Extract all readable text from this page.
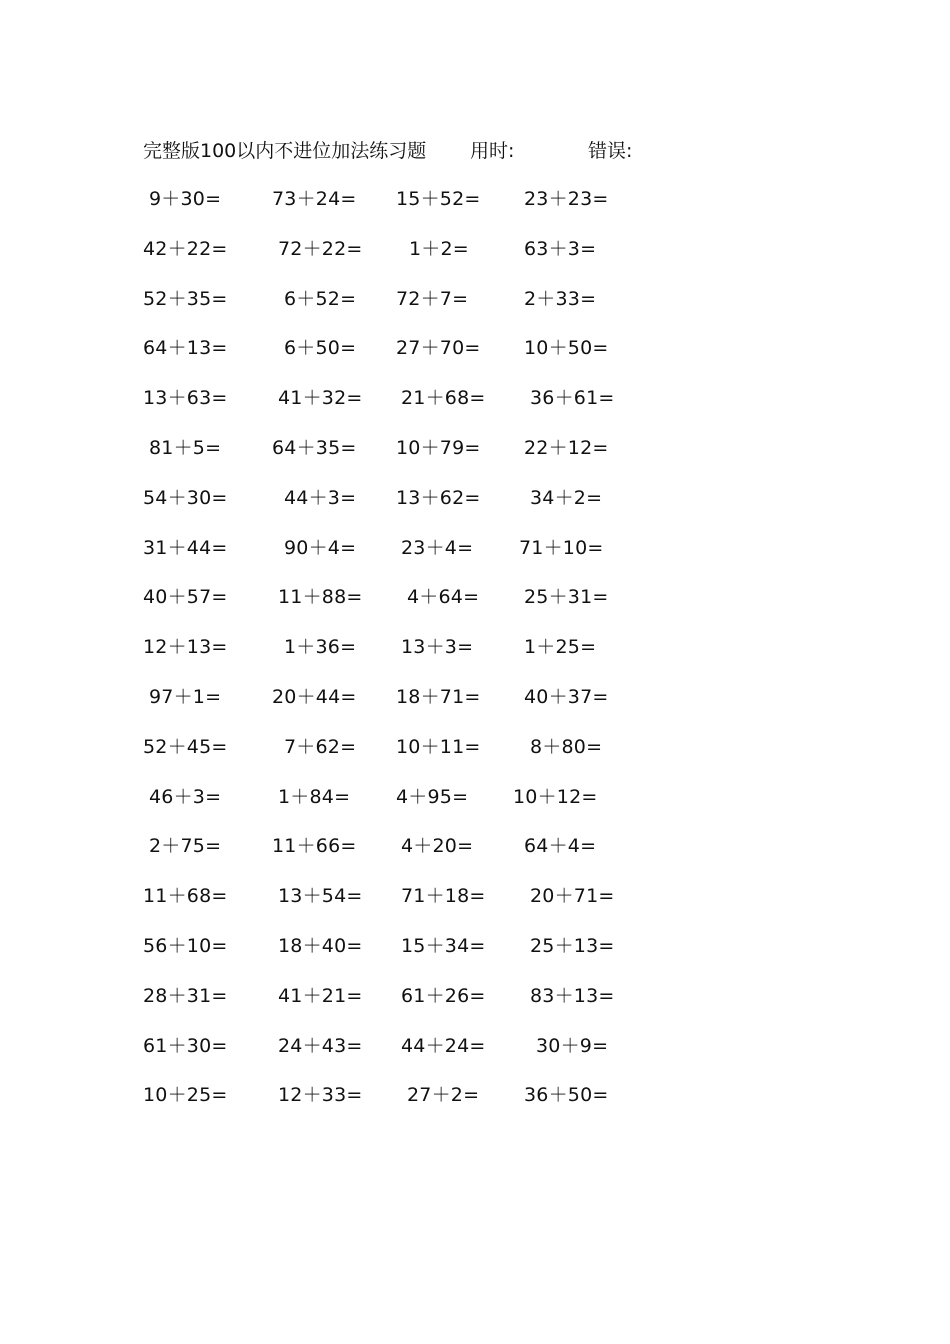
完整版100以内不进位加法练习题 用时:	错误:
9＋30=	73＋24= 15＋52= 23＋23=
42＋22=	72＋22= 1＋2=	63＋3=
52＋35=	6＋52= 72＋7=	2＋33=
64＋13=	6＋50= 27＋70= 10＋50=
13＋63=	41＋32= 21＋68= 36＋61=
81＋5=	64＋35= 10＋79= 22＋12=
54＋30=	44＋3= 13＋62=	34＋2=
31＋44=	90＋4= 23＋4= 71＋10=
40＋57=	11＋88= 4＋64= 25＋31=
12＋13=	1＋36= 13＋3=	1＋25=
97＋1=	20＋44= 18＋71= 40＋37=
52＋45=	7＋62= 10＋11=	8＋80=
46＋3=	1＋84= 4＋95= 10＋12=
2＋75=	11＋66= 4＋20=	64＋4=
11＋68=	13＋54= 71＋18= 20＋71=
56＋10=	18＋40= 15＋34= 25＋13=
28＋31=	41＋21= 61＋26= 83＋13=
61＋30=	24＋43= 44＋24=	30＋9=
10＋25=	12＋33= 27＋2= 36＋50=
